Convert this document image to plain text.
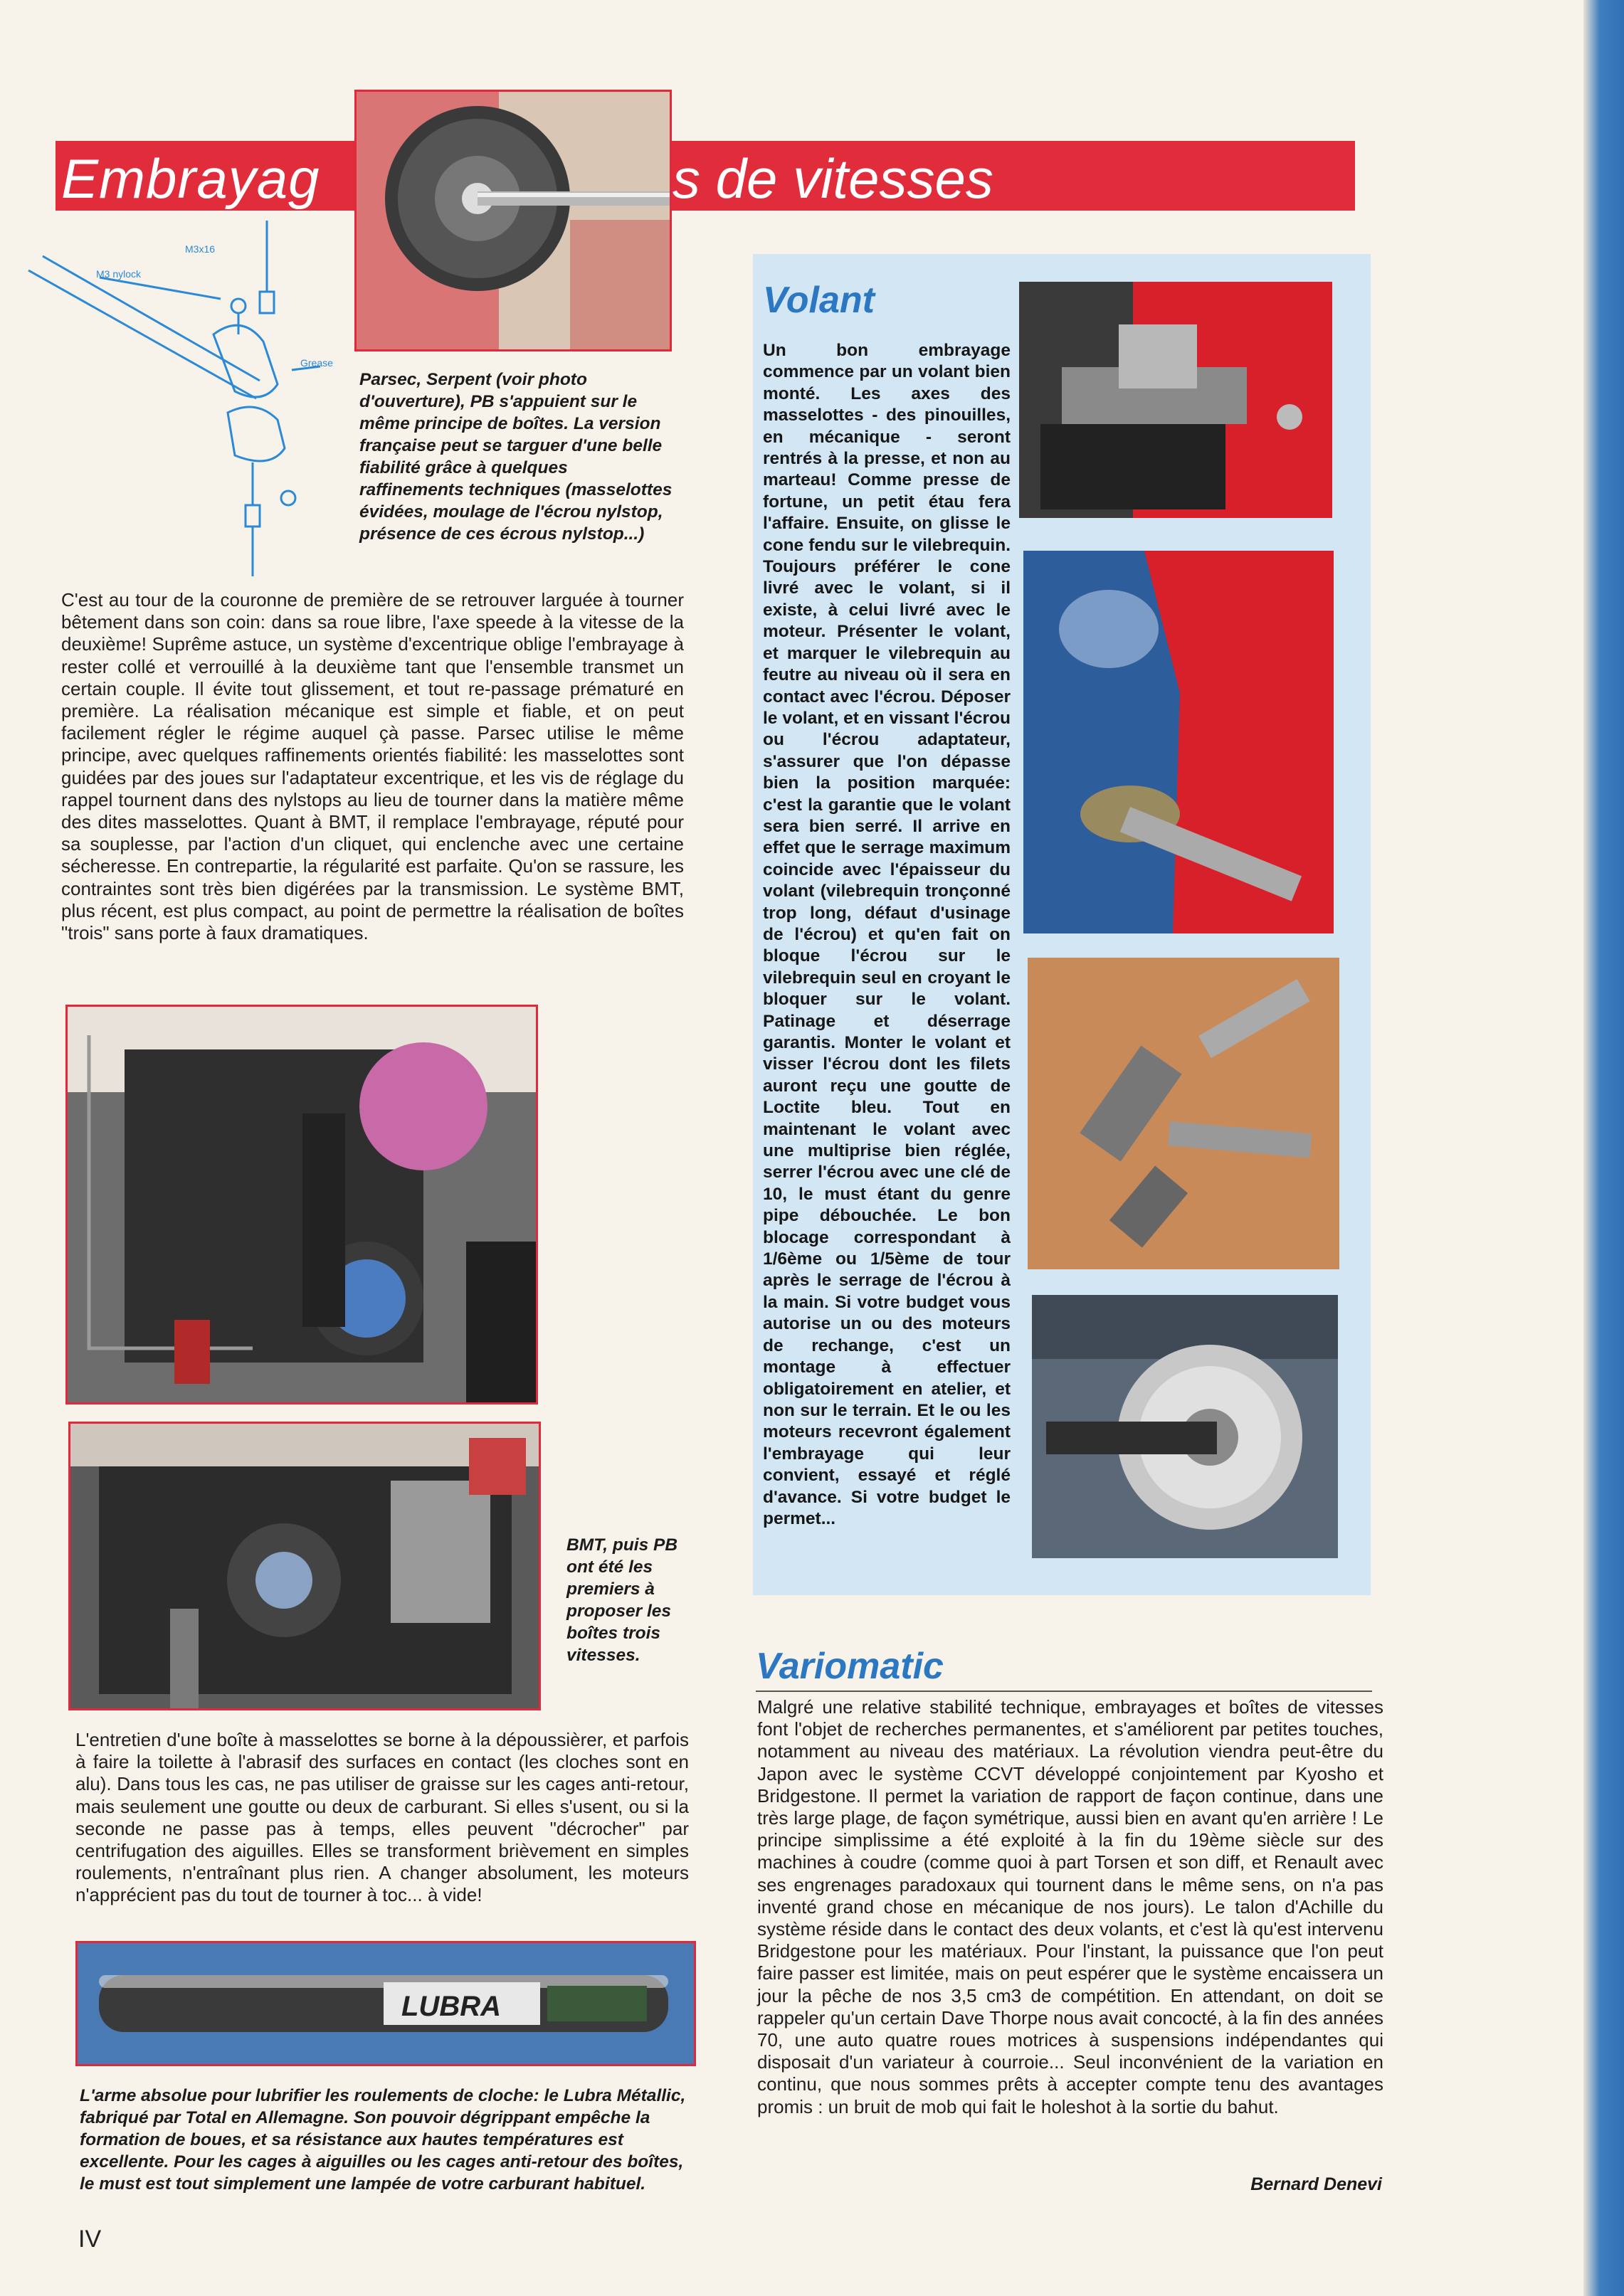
Embrayag	s de vitesses
M3x16
M3 nylock
Grease
Parsec, Serpent (voir photo d'ouverture), PB s'appuient sur le même principe de boîtes. La version française peut se targuer d'une belle fiabilité grâce à quelques raffinements techniques (masselottes évidées, moulage de l'écrou nylstop, présence de ces écrous nylstop...)
C'est au tour de la couronne de première de se retrouver larguée à tourner bêtement dans son coin: dans sa roue libre, l'axe speede à la vitesse de la deuxième! Suprême astuce, un système d'excentrique oblige l'embrayage à rester collé et verrouillé à la deuxième tant que l'ensemble transmet un certain couple. Il évite tout glissement, et tout re-passage prématuré en première. La réalisation mécanique est simple et fiable, et on peut facilement régler le régime auquel çà passe. Parsec utilise le même principe, avec quelques raffinements orientés fiabilité: les masselottes sont guidées par des joues sur l'adaptateur excentrique, et les vis de réglage du rappel tournent dans des nylstops au lieu de tourner dans la matière même des dites masselottes. Quant à BMT, il remplace l'embrayage, réputé pour sa souplesse, par l'action d'un cliquet, qui enclenche avec une certaine sécheresse. En contrepartie, la régularité est parfaite. Qu'on se rassure, les contraintes sont très bien digérées par la transmission. Le système BMT, plus récent, est plus compact, au point de permettre la réalisation de boîtes "trois" sans porte à faux dramatiques.
BMT, puis PB ont été les premiers à proposer les boîtes trois vitesses.
L'entretien d'une boîte à masselottes se borne à la dépoussièrer, et parfois à faire la toilette à l'abrasif des surfaces en contact (les cloches sont en alu). Dans tous les cas, ne pas utiliser de graisse sur les cages anti-retour, mais seulement une goutte ou deux de carburant. Si elles s'usent, ou si la seconde ne passe pas à temps, elles peuvent "décrocher" par centrifugation des aiguilles. Elles se transforment brièvement en simples roulements, n'entraînant plus rien. A changer absolument, les moteurs n'apprécient pas du tout de tourner à toc... à vide!
LUBRA
L'arme absolue pour lubrifier les roulements de cloche: le Lubra Métallic, fabriqué par Total en Allemagne. Son pouvoir dégrippant empêche la formation de boues, et sa résistance aux hautes températures est excellente. Pour les cages à aiguilles ou les cages anti-retour des boîtes, le must est tout simplement une lampée de votre carburant habituel.
IV
Volant
Un bon embrayage commence par un volant bien monté. Les axes des masselottes - des pinouilles, en mécanique - seront rentrés à la presse, et non au marteau! Comme presse de fortune, un petit étau fera l'affaire. Ensuite, on glisse le cone fendu sur le vilebrequin. Toujours préférer le cone livré avec le volant, si il existe, à celui livré avec le moteur. Présenter le volant, et marquer le vilebrequin au feutre au niveau où il sera en contact avec l'écrou. Déposer le volant, et en vissant l'écrou ou l'écrou adaptateur, s'assurer que l'on dépasse bien la position marquée: c'est la garantie que le volant sera bien serré. Il arrive en effet que le serrage maximum coincide avec l'épaisseur du volant (vilebrequin tronçonné trop long, défaut d'usinage de l'écrou) et qu'en fait on bloque l'écrou sur le vilebrequin seul en croyant le bloquer sur le volant. Patinage et déserrage garantis. Monter le volant et visser l'écrou dont les filets auront reçu une goutte de Loctite bleu. Tout en maintenant le volant avec une multiprise bien réglée, serrer l'écrou avec une clé de 10, le must étant du genre pipe débouchée. Le bon blocage correspondant à 1/6ème ou 1/5ème de tour après le serrage de l'écrou à la main. Si votre budget vous autorise un ou des moteurs de rechange, c'est un montage à effectuer obligatoirement en atelier, et non sur le terrain. Et le ou les moteurs recevront également l'embrayage qui leur convient, essayé et réglé d'avance. Si votre budget le permet...
Variomatic
Malgré une relative stabilité technique, embrayages et boîtes de vitesses font l'objet de recherches permanentes, et s'améliorent par petites touches, notamment au niveau des matériaux. La révolution viendra peut-être du Japon avec le système CCVT développé conjointement par Kyosho et Bridgestone. Il permet la variation de rapport de façon continue, dans une très large plage, de façon symétrique, aussi bien en avant qu'en arrière ! Le principe simplissime a été exploité à la fin du 19ème siècle sur des machines à coudre (comme quoi à part Torsen et son diff, et Renault avec ses engrenages paradoxaux qui tournent dans le même sens, on n'a pas inventé grand chose en mécanique de nos jours). Le talon d'Achille du système réside dans le contact des deux volants, et c'est là qu'est intervenu Bridgestone pour les matériaux. Pour l'instant, la puissance que l'on peut faire passer est limitée, mais on peut espérer que le système encaissera un jour la pêche de nos 3,5 cm3 de compétition. En attendant, on doit se rappeler qu'un certain Dave Thorpe nous avait concocté, à la fin des années 70, une auto quatre roues motrices à suspensions indépendantes qui disposait d'un variateur à courroie... Seul inconvénient de la variation en continu, que nous sommes prêts à accepter compte tenu des avantages promis : un bruit de mob qui fait le holeshot à la sortie du bahut.
Bernard Denevi
